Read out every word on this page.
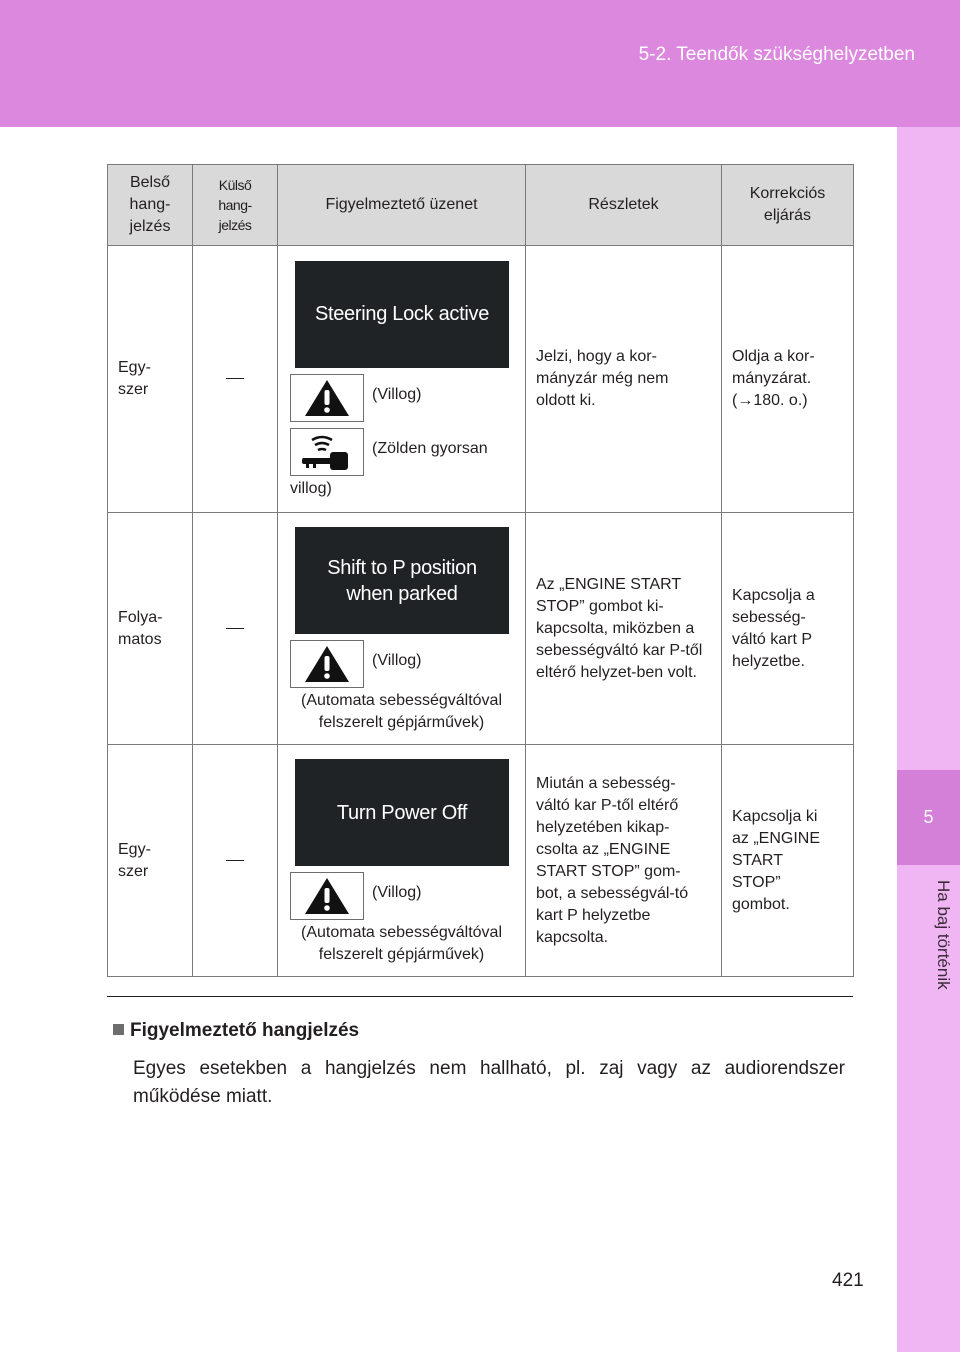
5-2. Teendők szükséghelyzetben
5
Ha baj történik
Belső hang-jelzés	Külső hang-jelzés	Figyelmeztető üzenet	Részletek	Korrekciós eljárás

Egy-szer		Steering Lock active
(Villog)
(Zölden gyorsan
villog)	Jelzi, hogy a kor-mányzár még nem oldott ki.	Oldja a kor-mányzárat. (→180. o.)

Folya-matos		Shift to P position when parked
(Villog)
(Automata sebességváltóval felszerelt gépjárművek)	Az „ENGINE START STOP” gombot ki-kapcsolta, miközben a sebességváltó kar P-től eltérő helyzet-ben volt.	Kapcsolja a sebesség-váltó kart P helyzetbe.

Egy-szer		Turn Power Off
(Villog)
(Automata sebességváltóval felszerelt gépjárművek)	Miután a sebesség-váltó kar P-től eltérő helyzetében kikap-csolta az „ENGINE START STOP” gom-bot, a sebességvál-tó kart P helyzetbe kapcsolta.	Kapcsolja ki az „ENGINE START STOP” gombot.
Figyelmeztető hangjelzés
Egyes esetekben a hangjelzés nem hallható, pl. zaj vagy az audiorendszer működése miatt.
421
